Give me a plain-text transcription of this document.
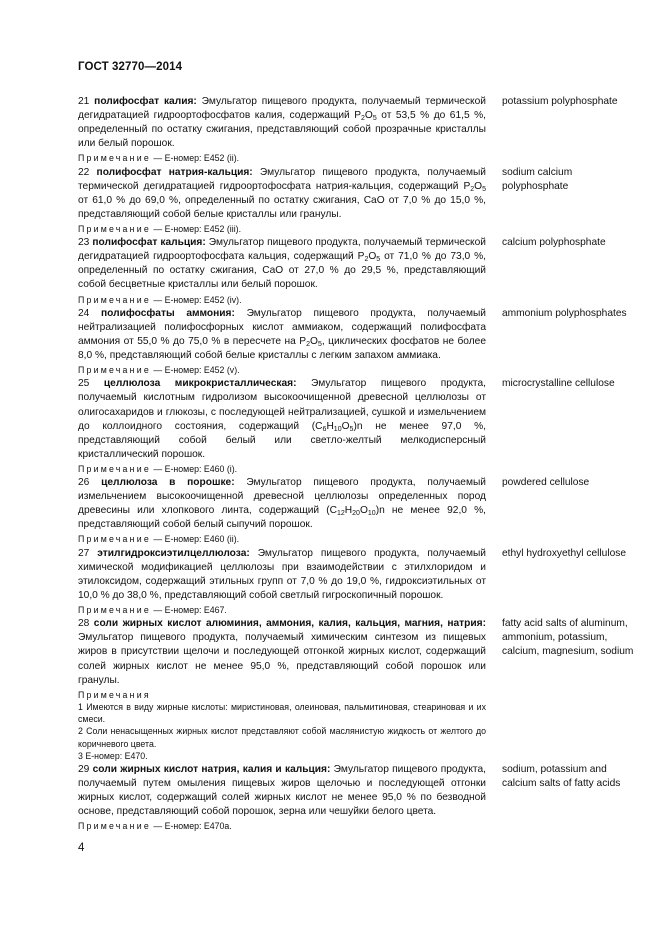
ГОСТ 32770—2014

21 полифосфат калия: Эмульгатор пищевого продукта, получаемый термической дегидратацией гидроортофосфатов калия, содержащий $P_2O_5$ от 53,5 % до 61,5 %, определенный по остатку сжигания, представляющий собой прозрачные кристаллы или белый порошок.

potassium polyphosphate
Примечание — Е-номер: E452 (ii).

22 полифосфат натрия-кальция: Эмульгатор пищевого продукта, получаемый термической дегидратацией гидроортофосфата натрия-кальция, содержащий $P_2O_5$ от 61,0 % до 69,0 %, определенный по остатку сжигания, CaO от 7,0 % до 15,0 %, представляющий собой белые кристаллы или гранулы.

sodium calcium polyphosphate
Примечание — Е-номер: E452 (iii).

23 полифосфат кальция: Эмульгатор пищевого продукта, получаемый термической дегидратацией гидроортофосфата кальция, содержащий $P_2O_5$ от 71,0 % до 73,0 %, определенный по остатку сжигания, CaO от 27,0 % до 29,5 %, представляющий собой бесцветные кристаллы или белый порошок.

calcium polyphosphate
Примечание — Е-номер: E452 (iv).

24 полифосфаты аммония: Эмульгатор пищевого продукта, получаемый нейтрализацией полифосфорных кислот аммиаком, содержащий полифосфата аммония от 55,0 % до 75,0 % в пересчете на $P_2O_5$, циклических фосфатов не более 8,0 %, представляющий собой белые кристаллы с легким запахом аммиака.

ammonium polyphosphates
Примечание — Е-номер: E452 (v).

25 целлюлоза микрокристаллическая: Эмульгатор пищевого продукта, получаемый кислотным гидролизом высокоочищенной древесной целлюлозы от олигосахаридов и глюкозы, с последующей нейтрализацией, сушкой и измельчением до коллоидного состояния, содержащий $(C_6H_{10}O_5)n$ не менее 97,0 %, представляющий собой белый или светло-желтый мелкодисперсный кристаллический порошок.

microcrystalline cellulose
Примечание — Е-номер: E460 (i).

26 целлюлоза в порошке: Эмульгатор пищевого продукта, получаемый измельчением высокоочищенной древесной целлюлозы определенных пород древесины или хлопкового линта, содержащий $(C_{12}H_{20}O_{10})n$ не менее 92,0 %, представляющий собой белый сыпучий порошок.

powdered cellulose
Примечание — Е-номер: E460 (ii).

27 этилгидроксиэтилцеллюлоза: Эмульгатор пищевого продукта, получаемый химической модификацией целлюлозы при взаимодействии с этилхлоридом и этилоксидом, содержащий этильных групп от 7,0 % до 19,0 %, гидроксиэтильных от 10,0 % до 38,0 %, представляющий собой светлый гигроскопичный порошок.

ethyl hydroxyethyl cellulose
Примечание — Е-номер: E467.

28 соли жирных кислот алюминия, аммония, калия, кальция, магния, натрия: Эмульгатор пищевого продукта, получаемый химическим синтезом из пищевых жиров в присутствии щелочи и последующей отгонкой жирных кислот, содержащий солей жирных кислот не менее 95,0 %, представляющий собой порошок или гранулы.

fatty acid salts of aluminum, ammonium, potassium, calcium, magnesium, sodium

Примечания

1 Имеются в виду жирные кислоты: миристиновая, олеиновая, пальмитиновая, стеариновая и их смеси.

2 Соли ненасыщенных жирных кислот представляют собой маслянистую жидкость от желтого до коричневого цвета.

3 Е-номер: E470.

29 соли жирных кислот натрия, калия и кальция: Эмульгатор пищевого продукта, получаемый путем омыления пищевых жиров щелочью и последующей отгонки жирных кислот, содержащий солей жирных кислот не менее 95,0 % по безводной основе, представляющий собой порошок, зерна или чешуйки белого цвета.

sodium, potassium and calcium salts of fatty acids
Примечание — Е-номер: E470a.
4
